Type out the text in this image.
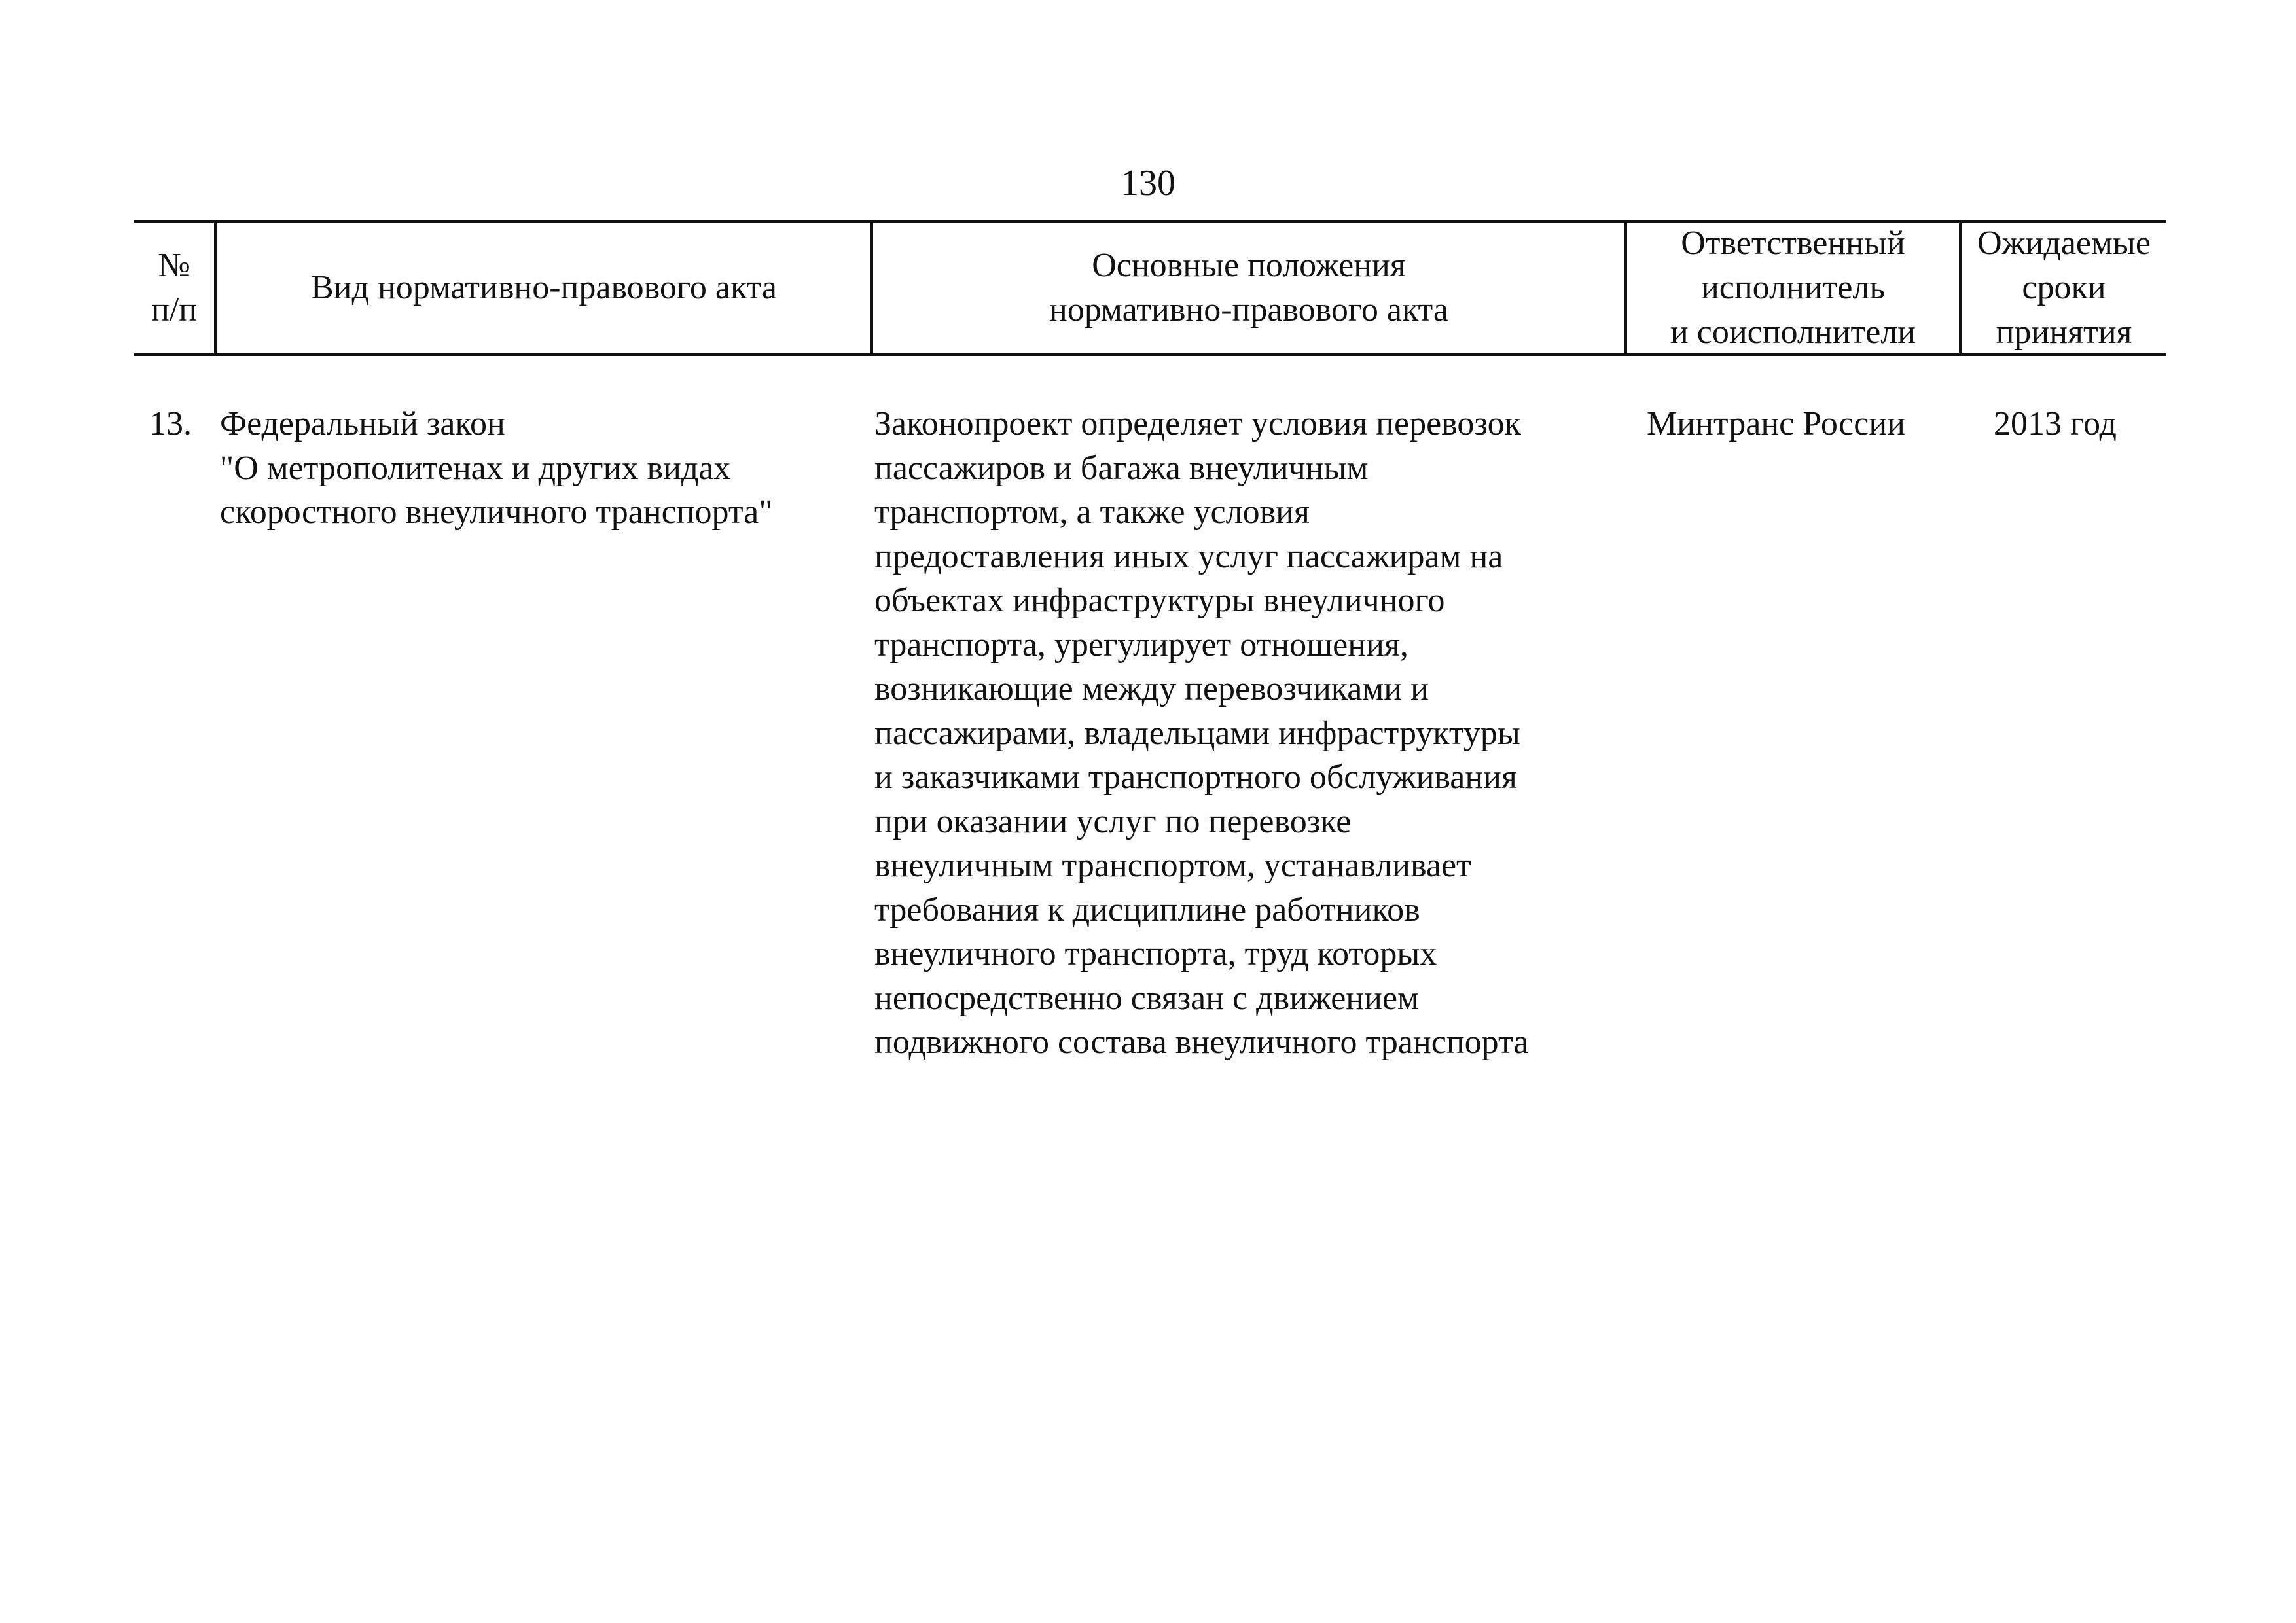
130
№
п/п
Вид нормативно-правового акта
Основные положения
нормативно-правового акта
Ответственный
исполнитель
и соисполнители
Ожидаемые
сроки
принятия
13. Федеральный закон
"О метрополитенах и других видах
скоростного внеуличного транспорта"
Законопроект определяет условия перевозок
пассажиров и багажа внеуличным
транспортом, а также условия
предоставления иных услуг пассажирам на
объектах инфраструктуры внеуличного
транспорта, урегулирует отношения,
возникающие между перевозчиками и
пассажирами, владельцами инфраструктуры
и заказчиками транспортного обслуживания
при оказании услуг по перевозке
внеуличным транспортом, устанавливает
требования к дисциплине работников
внеуличного транспорта, труд которых
непосредственно связан с движением
подвижного состава внеуличного транспорта
Минтранс России	2013 год
